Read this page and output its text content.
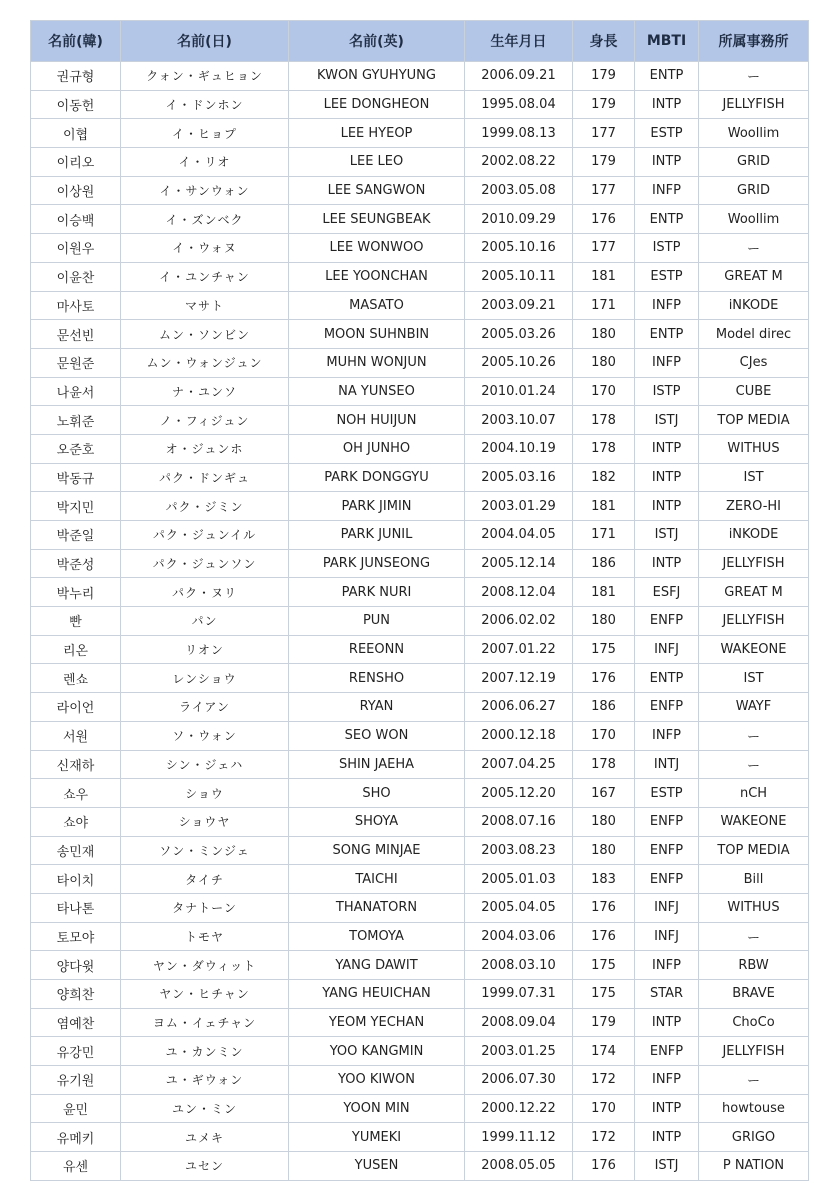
名前(韓)	名前(日)	名前(英)	生年月日	身長	MBTI	所属事務所
권규형	クォン・ギュヒョン	KWON GYUHYUNG	2006.09.21	179	ENTP	ー
이동헌	イ・ドンホン	LEE DONGHEON	1995.08.04	179	INTP	JELLYFISH
이협	イ・ヒョプ	LEE HYEOP	1999.08.13	177	ESTP	Woollim
이리오	イ・リオ	LEE LEO	2002.08.22	179	INTP	GRID
이상원	イ・サンウォン	LEE SANGWON	2003.05.08	177	INFP	GRID
이승백	イ・ズンベク	LEE SEUNGBEAK	2010.09.29	176	ENTP	Woollim
이원우	イ・ウォヌ	LEE WONWOO	2005.10.16	177	ISTP	ー
이윤찬	イ・ユンチャン	LEE YOONCHAN	2005.10.11	181	ESTP	GREAT M
마사토	マサト	MASATO	2003.09.21	171	INFP	iNKODE
문선빈	ムン・ソンビン	MOON SUHNBIN	2005.03.26	180	ENTP	Model direc
문원준	ムン・ウォンジュン	MUHN WONJUN	2005.10.26	180	INFP	CJes
나윤서	ナ・ユンソ	NA YUNSEO	2010.01.24	170	ISTP	CUBE
노휘준	ノ・フィジュン	NOH HUIJUN	2003.10.07	178	ISTJ	TOP MEDIA
오준호	オ・ジュンホ	OH JUNHO	2004.10.19	178	INTP	WITHUS
박동규	パク・ドンギュ	PARK DONGGYU	2005.03.16	182	INTP	IST
박지민	パク・ジミン	PARK JIMIN	2003.01.29	181	INTP	ZERO-HI
박준일	パク・ジュンイル	PARK JUNIL	2004.04.05	171	ISTJ	iNKODE
박준성	パク・ジュンソン	PARK JUNSEONG	2005.12.14	186	INTP	JELLYFISH
박누리	パク・ヌリ	PARK NURI	2008.12.04	181	ESFJ	GREAT M
빤	パン	PUN	2006.02.02	180	ENFP	JELLYFISH
리온	リオン	REEONN	2007.01.22	175	INFJ	WAKEONE
렌쇼	レンショウ	RENSHO	2007.12.19	176	ENTP	IST
라이언	ライアン	RYAN	2006.06.27	186	ENFP	WAYF
서원	ソ・ウォン	SEO WON	2000.12.18	170	INFP	ー
신재하	シン・ジェハ	SHIN JAEHA	2007.04.25	178	INTJ	ー
쇼우	ショウ	SHO	2005.12.20	167	ESTP	nCH
쇼야	ショウヤ	SHOYA	2008.07.16	180	ENFP	WAKEONE
송민재	ソン・ミンジェ	SONG MINJAE	2003.08.23	180	ENFP	TOP MEDIA
타이치	タイチ	TAICHI	2005.01.03	183	ENFP	Bill
타나톤	タナトーン	THANATORN	2005.04.05	176	INFJ	WITHUS
토모야	トモヤ	TOMOYA	2004.03.06	176	INFJ	ー
양다윗	ヤン・ダウィット	YANG DAWIT	2008.03.10	175	INFP	RBW
양희찬	ヤン・ヒチャン	YANG HEUICHAN	1999.07.31	175	STAR	BRAVE
염예찬	ヨム・イェチャン	YEOM YECHAN	2008.09.04	179	INTP	ChoCo
유강민	ユ・カンミン	YOO KANGMIN	2003.01.25	174	ENFP	JELLYFISH
유기원	ユ・ギウォン	YOO KIWON	2006.07.30	172	INFP	ー
윤민	ユン・ミン	YOON MIN	2000.12.22	170	INTP	howtouse
유메키	ユメキ	YUMEKI	1999.11.12	172	INTP	GRIGO
유센	ユセン	YUSEN	2008.05.05	176	ISTJ	P NATION
